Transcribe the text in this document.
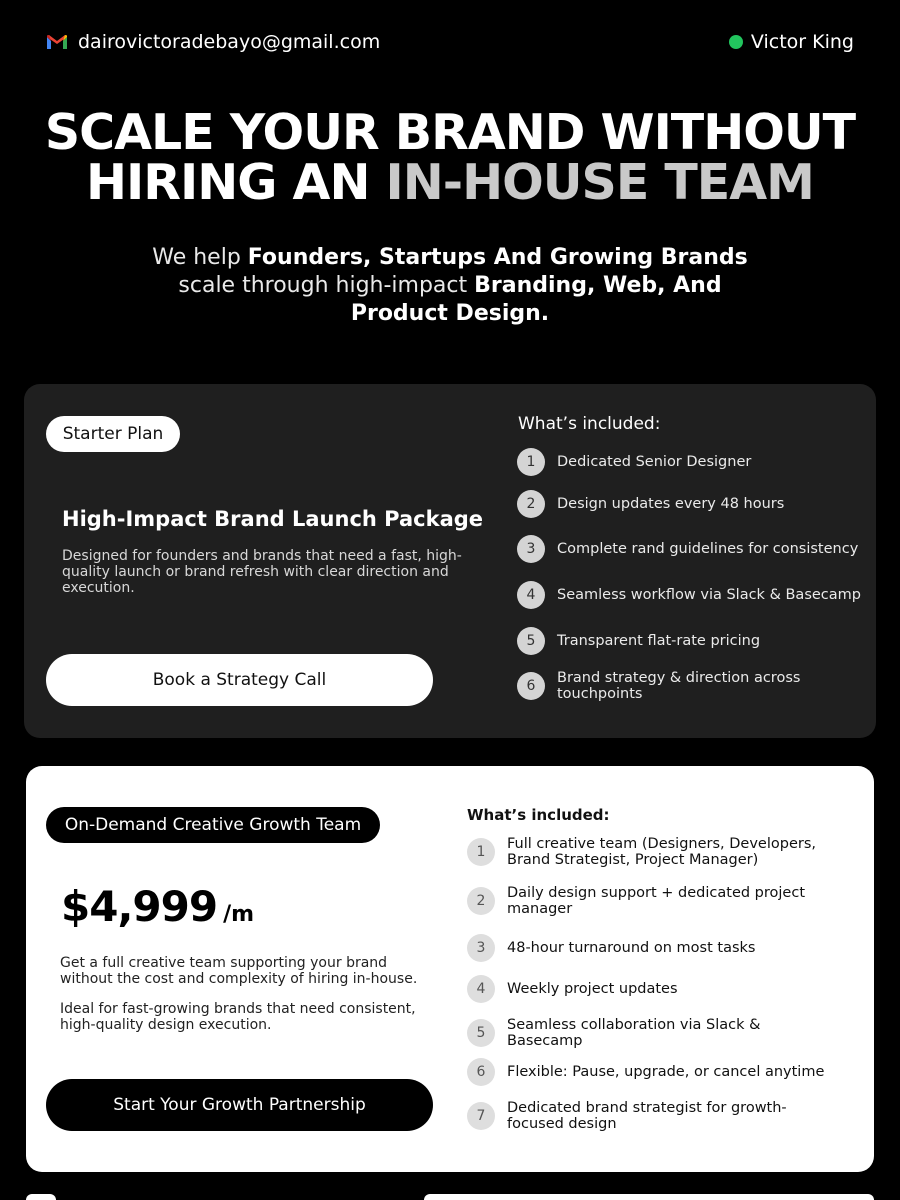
dairovictoradebayo@gmail.com	Victor King
SCALE YOUR BRAND WITHOUT
HIRING AN IN-HOUSE TEAM

We help Founders, Startups And Growing Brands scale through high-impact Branding, Web, And Product Design.

Starter Plan
High-Impact Brand Launch Package

Designed for founders and brands that need a fast, high-quality launch or brand refresh with clear direction and execution.

Book a Strategy Call
What’s included:
1	Dedicated Senior Designer
2	Design updates every 48 hours
3	Complete rand guidelines for consistency
4	Seamless workflow via Slack & Basecamp
5	Transparent flat-rate pricing
6	Brand strategy & direction across touchpoints
On-Demand Creative Growth Team
$4,999 /m

Get a full creative team supporting your brand without the cost and complexity of hiring in-house.

Ideal for fast-growing brands that need consistent, high-quality design execution.

Start Your Growth Partnership
What’s included:
1	Full creative team (Designers, Developers, Brand Strategist, Project Manager)
2	Daily design support + dedicated project manager
3	48-hour turnaround on most tasks
4	Weekly project updates
5	Seamless collaboration via Slack & Basecamp
6	Flexible: Pause, upgrade, or cancel anytime
7	Dedicated brand strategist for growth-focused design
